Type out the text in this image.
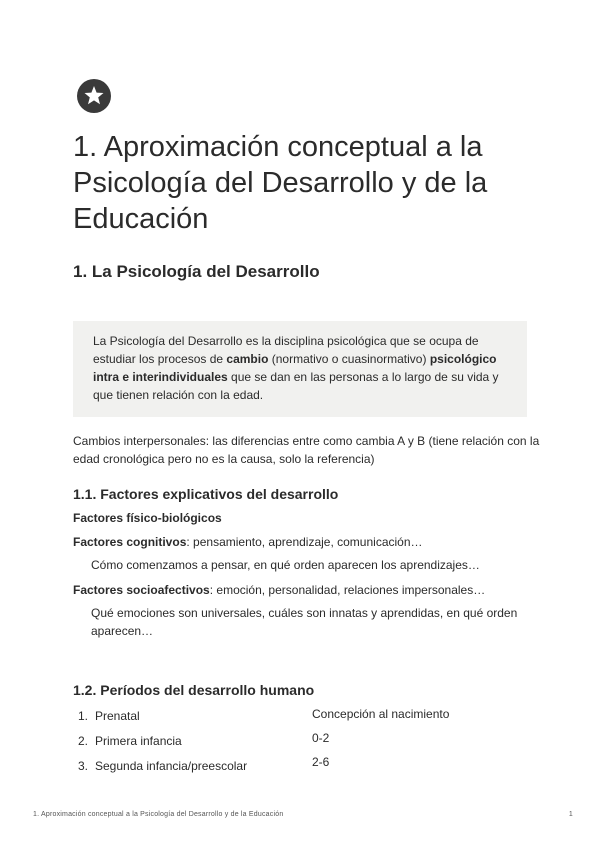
1. Aproximación conceptual a la Psicología del Desarrollo y de la Educación
1. La Psicología del Desarrollo
La Psicología del Desarrollo es la disciplina psicológica que se ocupa de estudiar los procesos de cambio (normativo o cuasinormativo) psicológico intra e interindividuales que se dan en las personas a lo largo de su vida y que tienen relación con la edad.

Cambios interpersonales: las diferencias entre como cambia A y B (tiene relación con la edad cronológica pero no es la causa, solo la referencia)

1.1. Factores explicativos del desarrollo

Factores físico-biológicos

Factores cognitivos: pensamiento, aprendizaje, comunicación…

Cómo comenzamos a pensar, en qué orden aparecen los aprendizajes…

Factores socioafectivos: emoción, personalidad, relaciones impersonales…

Qué emociones son universales, cuáles son innatas y aprendidas, en qué orden aparecen…

1.2. Períodos del desarrollo humano
1. Prenatal	Concepción al nacimiento
2. Primera infancia	0-2
3. Segunda infancia/preescolar	2-6
1. Aproximación conceptual a la Psicología del Desarrollo y de la Educación	1
